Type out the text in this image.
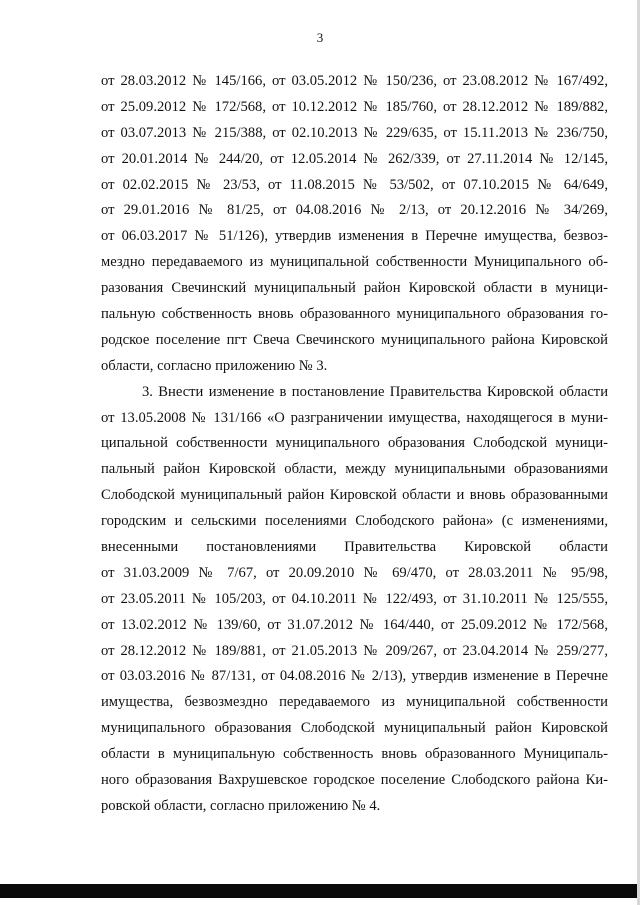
3
от 28.03.2012 № 145/166, от 03.05.2012 № 150/236, от 23.08.2012 № 167/492,
от 25.09.2012 № 172/568, от 10.12.2012 № 185/760, от 28.12.2012 № 189/882,
от 03.07.2013 № 215/388, от 02.10.2013 № 229/635, от 15.11.2013 № 236/750,
от 20.01.2014 № 244/20, от 12.05.2014 № 262/339, от 27.11.2014 № 12/145,
от 02.02.2015 № 23/53, от 11.08.2015 № 53/502, от 07.10.2015 № 64/649,
от 29.01.2016 № 81/25, от 04.08.2016 № 2/13, от 20.12.2016 № 34/269,
от 06.03.2017 № 51/126), утвердив изменения в Перечне имущества, безвоз-
мездно передаваемого из муниципальной собственности Муниципального об-
разования Свечинский муниципальный район Кировской области в муници-
пальную собственность вновь образованного муниципального образования го-
родское поселение пгт Свеча Свечинского муниципального района Кировской
области, согласно приложению № 3.
3. Внести изменение в постановление Правительства Кировской области
от 13.05.2008 № 131/166 «О разграничении имущества, находящегося в муни-
ципальной собственности муниципального образования Слободской муници-
пальный район Кировской области, между муниципальными образованиями
Слободской муниципальный район Кировской области и вновь образованными
городским и сельскими поселениями Слободского района» (с изменениями,
внесенными постановлениями Правительства Кировской области
от 31.03.2009 № 7/67, от 20.09.2010 № 69/470, от 28.03.2011 № 95/98,
от 23.05.2011 № 105/203, от 04.10.2011 № 122/493, от 31.10.2011 № 125/555,
от 13.02.2012 № 139/60, от 31.07.2012 № 164/440, от 25.09.2012 № 172/568,
от 28.12.2012 № 189/881, от 21.05.2013 № 209/267, от 23.04.2014 № 259/277,
от 03.03.2016 № 87/131, от 04.08.2016 № 2/13), утвердив изменение в Перечне
имущества, безвозмездно передаваемого из муниципальной собственности
муниципального образования Слободской муниципальный район Кировской
области в муниципальную собственность вновь образованного Муниципаль-
ного образования Вахрушевское городское поселение Слободского района Ки-
ровской области, согласно приложению № 4.
